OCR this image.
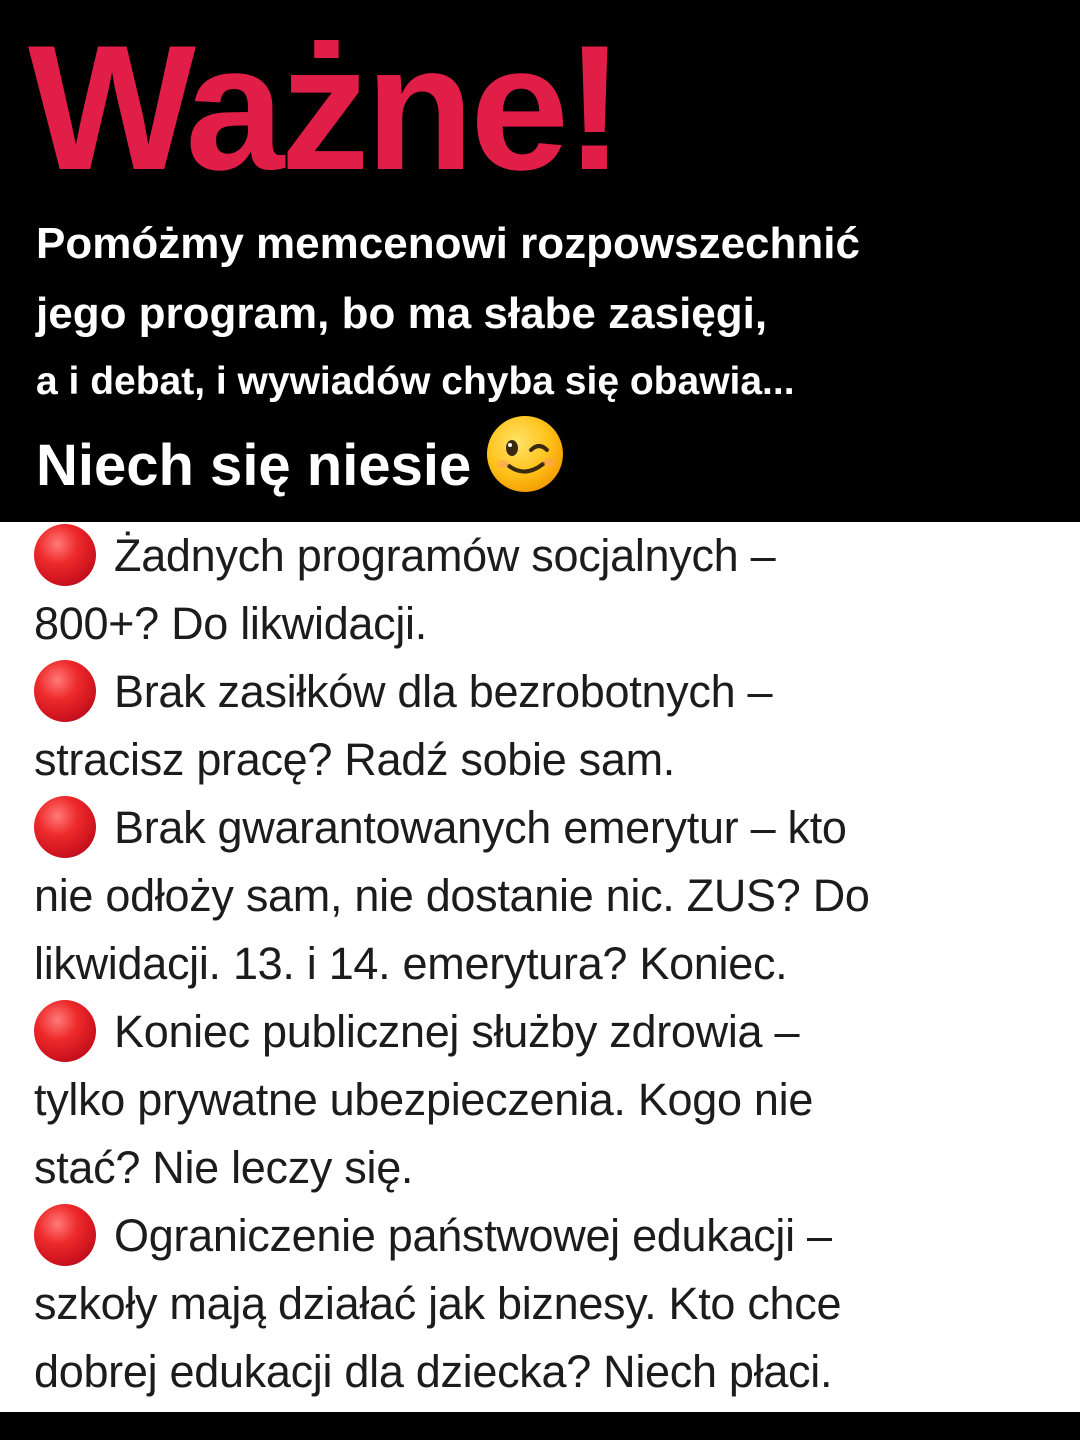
Ważne!

Pomóżmy memcenowi rozpowszechnić

jego program, bo ma słabe zasięgi,

a i debat, i wywiadów chyba się obawia...

Niech się niesie

Żadnych programów socjalnych –

800+? Do likwidacji.

Brak zasiłków dla bezrobotnych –

stracisz pracę? Radź sobie sam.

Brak gwarantowanych emerytur – kto

nie odłoży sam, nie dostanie nic. ZUS? Do

likwidacji. 13. i 14. emerytura? Koniec.

Koniec publicznej służby zdrowia –

tylko prywatne ubezpieczenia. Kogo nie

stać? Nie leczy się.

Ograniczenie państwowej edukacji –

szkoły mają działać jak biznesy. Kto chce

dobrej edukacji dla dziecka? Niech płaci.
